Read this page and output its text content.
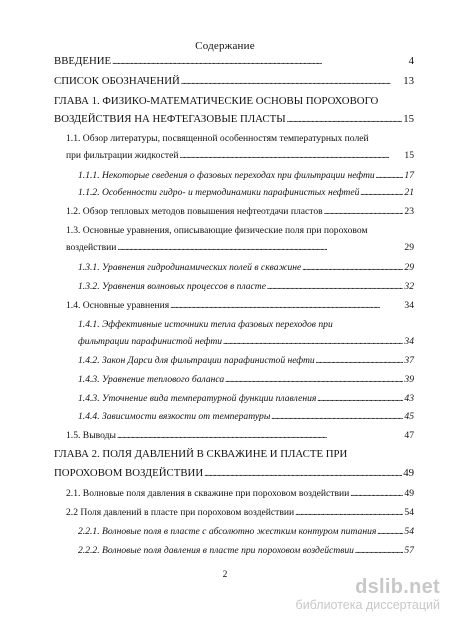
Содержание
ВВЕДЕНИЕ . . .	4
СПИСОК ОБОЗНАЧЕНИЙ . . .	13
ГЛАВА 1. ФИЗИКО-МАТЕМАТИЧЕСКИЕ ОСНОВЫ ПОРОХОВОГО
ВОЗДЕЙСТВИЯ НА НЕФТЕГАЗОВЫЕ ПЛАСТЫ . . .	15
1.1. Обзор литературы, посвященной особенностям температурных полей
при фильтрации жидкостей . . .	15
1.1.1. Некоторые сведения о фазовых переходах при фильтрации нефти . . .	17
1.1.2. Особенности гидро- и термодинамики парафинистых нефтей . . .	21
1.2. Обзор тепловых методов повышения нефтеотдачи пластов . . .	23
1.3. Основные уравнения, описывающие физические поля при пороховом
воздействии . . .	29
1.3.1. Уравнения гидродинамических полей в скважине . . .	29
1.3.2. Уравнения волновых процессов в пласте . . .	32
1.4. Основные уравнения . . .	34
1.4.1. Эффективные источники тепла фазовых переходов при
фильтрации парафинистой нефти . . .	34
1.4.2. Закон Дарси для фильтрации парафинистой нефти . . .	37
1.4.3. Уравнение теплового баланса . . .	39
1.4.3. Уточнение вида температурной функции плавления . . .	43
1.4.4. Зависимости вязкости от температуры . . .	45
1.5. Выводы . . .	47
ГЛАВА 2. ПОЛЯ ДАВЛЕНИЙ В СКВАЖИНЕ И ПЛАСТЕ ПРИ
ПОРОХОВОМ ВОЗДЕЙСТВИИ . . .	49
2.1. Волновые поля давления в скважине при пороховом воздействии . . .	49
2.2 Поля давлений в пласте при пороховом воздействии . . .	54
2.2.1. Волновые поля в пласте с абсолютно жестким контуром питания . . .	54
2.2.2. Волновые поля давления в пласте при пороховом воздействии . . .	57
2
dslib.net
библиотека диссертаций
